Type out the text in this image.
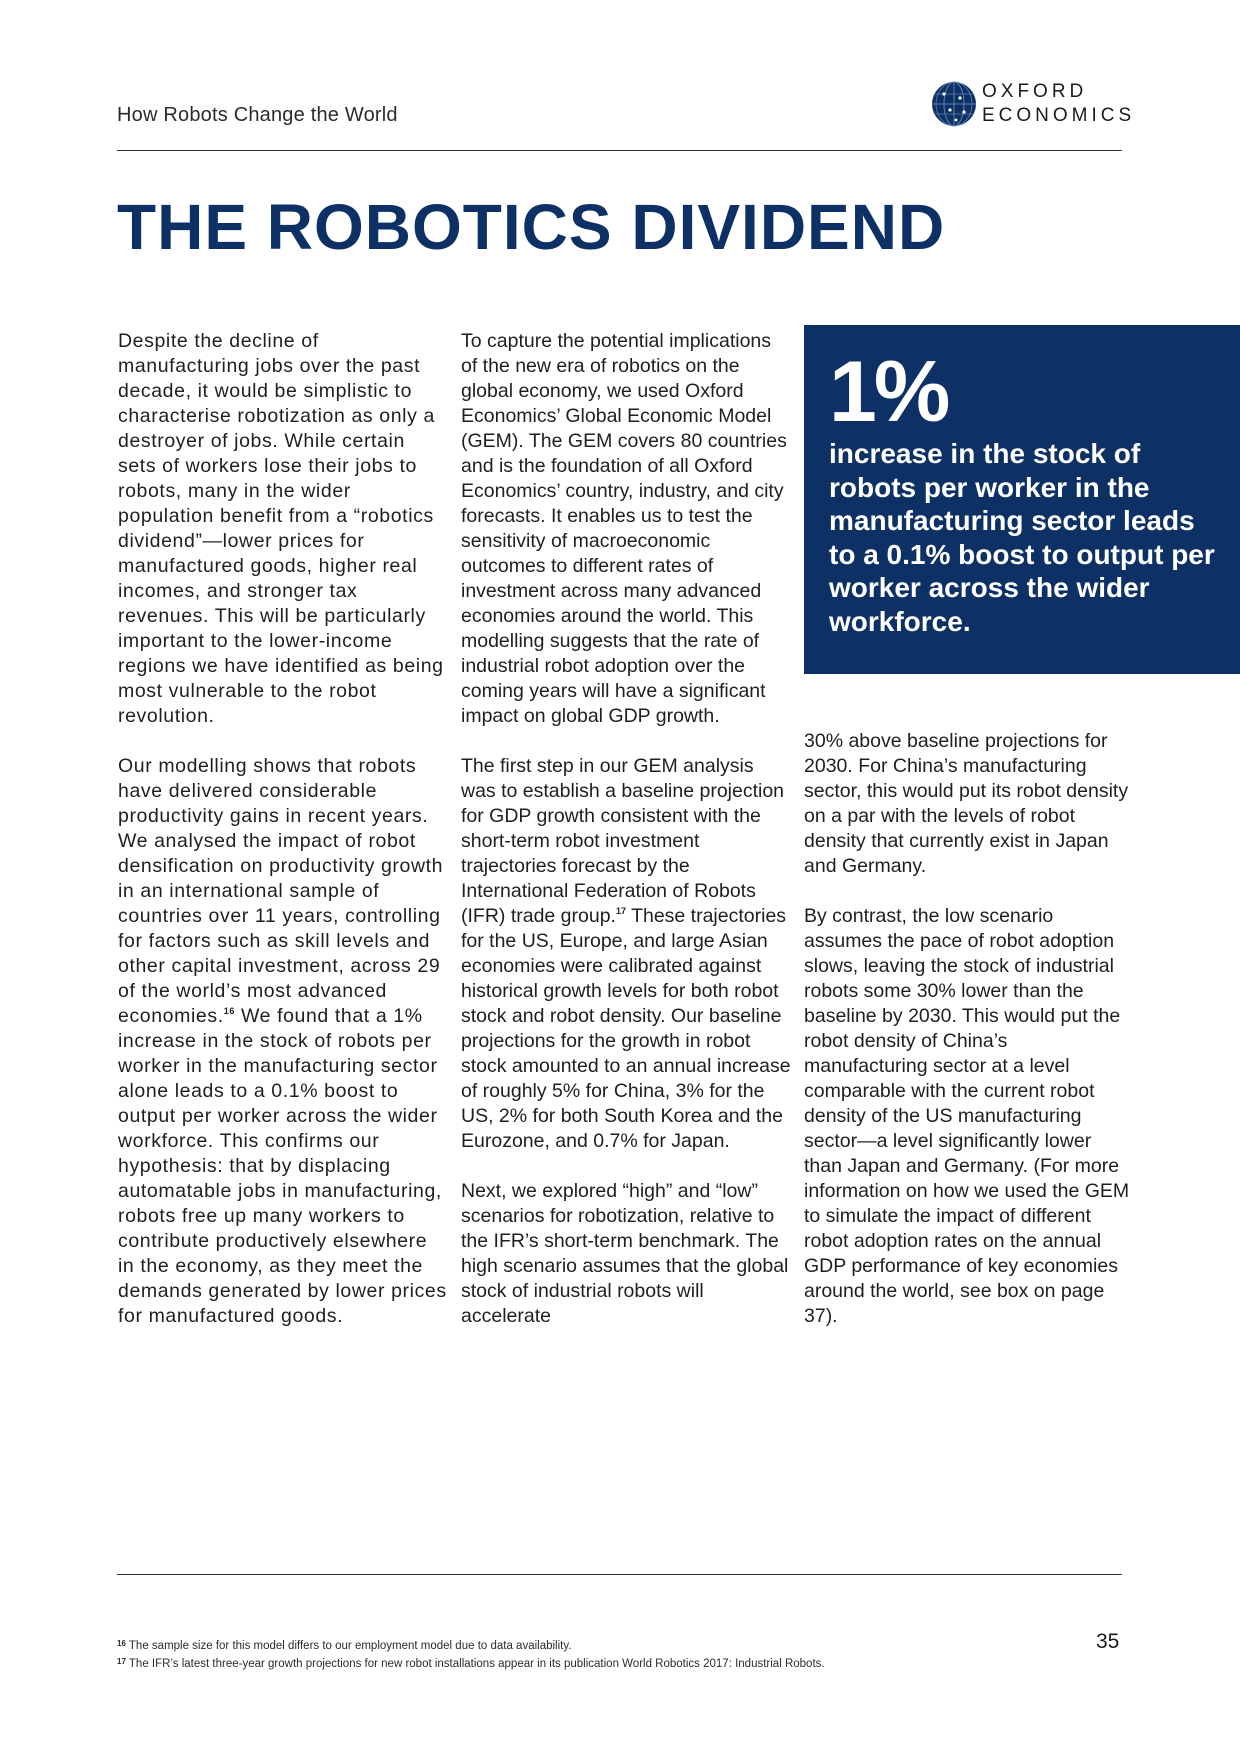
How Robots Change the World
OXFORD
ECONOMICS
THE ROBOTICS DIVIDEND

Despite the decline of manufacturing jobs over the past decade, it would be simplistic to characterise robotization as only a destroyer of jobs. While certain sets of workers lose their jobs to robots, many in the wider population benefit from a “robotics dividend”—lower prices for manufactured goods, higher real incomes, and stronger tax revenues. This will be particularly important to the lower-income regions we have identified as being most vulnerable to the robot revolution.

Our modelling shows that robots have delivered considerable productivity gains in recent years. We analysed the impact of robot densification on productivity growth in an international sample of countries over 11 years, controlling for factors such as skill levels and other capital investment, across 29 of the world’s most advanced economies.$^{16}$ We found that a 1% increase in the stock of robots per worker in the manufacturing sector alone leads to a 0.1% boost to output per worker across the wider workforce. This confirms our hypothesis: that by displacing automatable jobs in manufacturing, robots free up many workers to contribute productively elsewhere in the economy, as they meet the demands generated by lower prices for manufactured goods.

To capture the potential implications of the new era of robotics on the global economy, we used Oxford Economics’ Global Economic Model (GEM). The GEM covers 80 countries and is the foundation of all Oxford Economics’ country, industry, and city forecasts. It enables us to test the sensitivity of macroeconomic outcomes to different rates of investment across many advanced economies around the world. This modelling suggests that the rate of industrial robot adoption over the coming years will have a significant impact on global GDP growth.

The first step in our GEM analysis was to establish a baseline projection for GDP growth consistent with the short-term robot investment trajectories forecast by the International Federation of Robots (IFR) trade group.$^{17}$ These trajectories for the US, Europe, and large Asian economies were calibrated against historical growth levels for both robot stock and robot density. Our baseline projections for the growth in robot stock amounted to an annual increase of roughly 5% for China, 3% for the US, 2% for both South Korea and the Eurozone, and 0.7% for Japan.

Next, we explored “high” and “low” scenarios for robotization, relative to the IFR’s short-term benchmark. The high scenario assumes that the global stock of industrial robots will accelerate

1%
increase in the stock of robots per worker in the manufacturing sector leads to a 0.1% boost to output per worker across the wider workforce.

30% above baseline projections for 2030. For China’s manufacturing sector, this would put its robot density on a par with the levels of robot density that currently exist in Japan and Germany.

By contrast, the low scenario assumes the pace of robot adoption slows, leaving the stock of industrial robots some 30% lower than the baseline by 2030. This would put the robot density of China’s manufacturing sector at a level comparable with the current robot density of the US manufacturing sector—a level significantly lower than Japan and Germany. (For more information on how we used the GEM to simulate the impact of different robot adoption rates on the annual GDP performance of key economies around the world, see box on page 37).

$^{16}$ The sample size for this model differs to our employment model due to data availability.
$^{17}$ The IFR’s latest three-year growth projections for new robot installations appear in its publication World Robotics 2017: Industrial Robots.
35
